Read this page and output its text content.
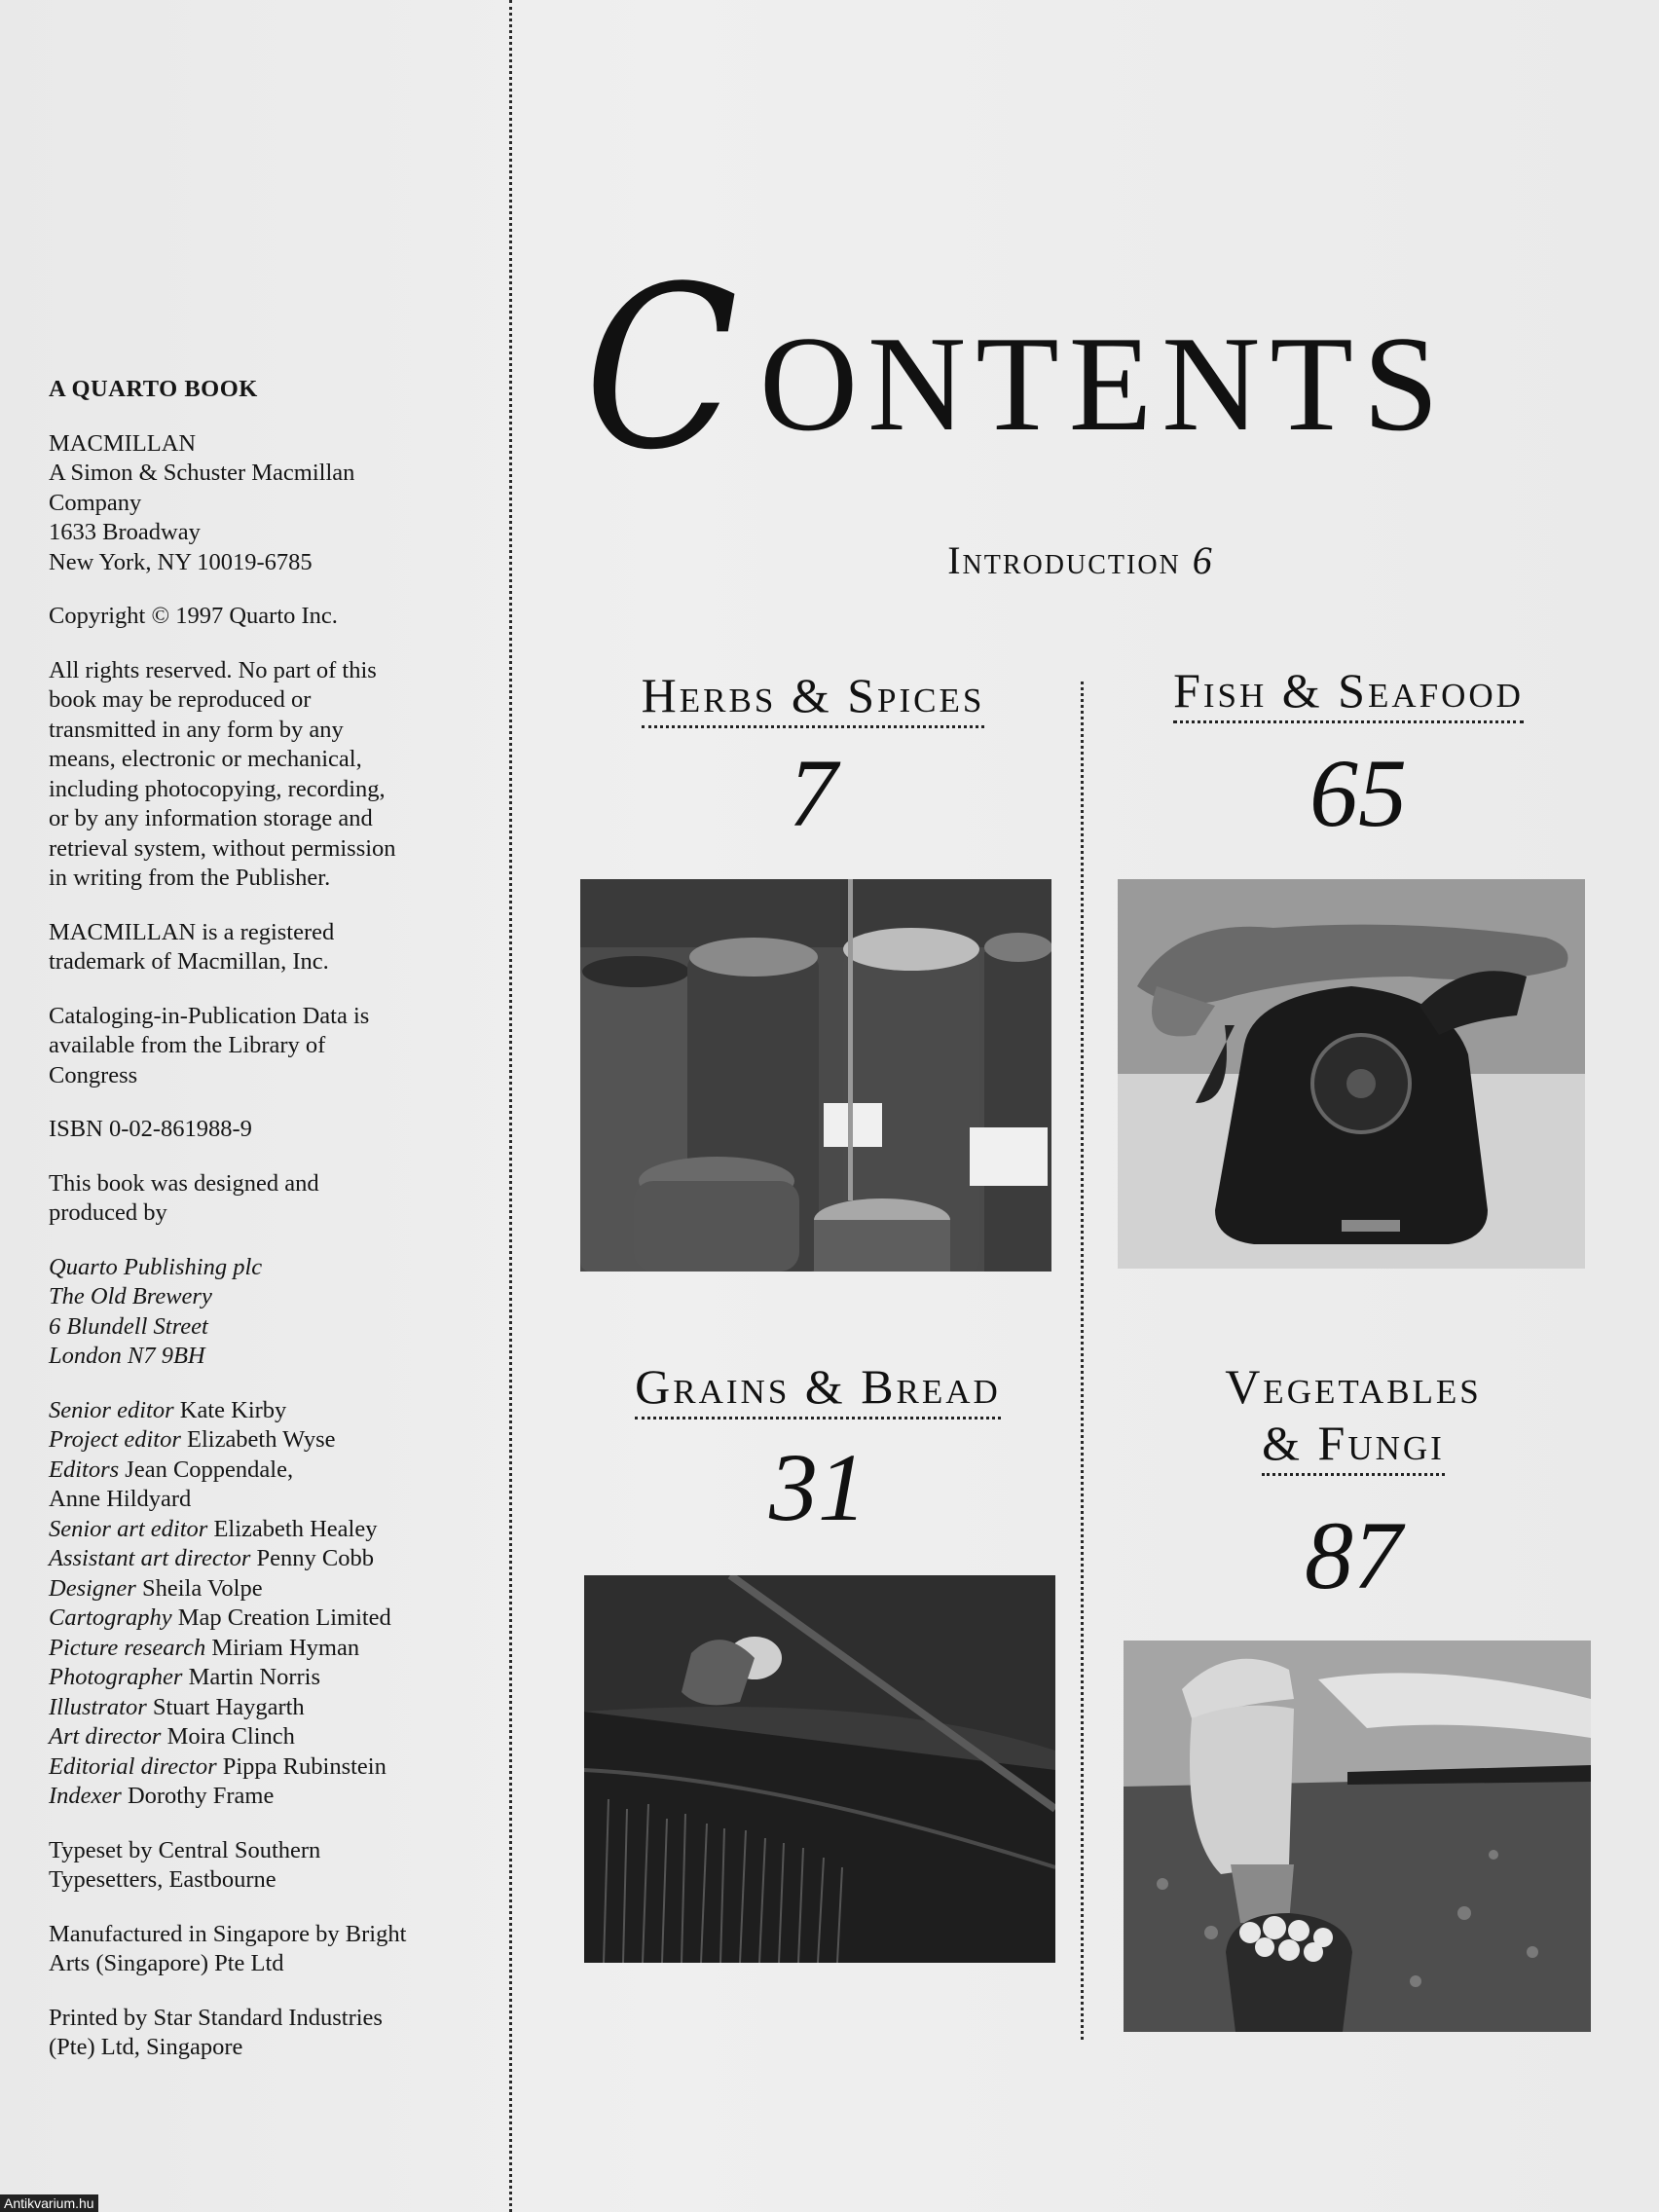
A QUARTO BOOK

MACMILLAN
A Simon & Schuster Macmillan
Company
1633 Broadway
New York, NY 10019-6785

Copyright © 1997 Quarto Inc.

All rights reserved. No part of this
book may be reproduced or
transmitted in any form by any
means, electronic or mechanical,
including photocopying, recording,
or by any information storage and
retrieval system, without permission
in writing from the Publisher.

MACMILLAN is a registered
trademark of Macmillan, Inc.

Cataloging-in-Publication Data is
available from the Library of
Congress

ISBN 0-02-861988-9

This book was designed and
produced by

Quarto Publishing plc
The Old Brewery
6 Blundell Street
London N7 9BH

Senior editor Kate Kirby
Project editor Elizabeth Wyse
Editors Jean Coppendale,
Anne Hildyard
Senior art editor Elizabeth Healey
Assistant art director Penny Cobb
Designer Sheila Volpe
Cartography Map Creation Limited
Picture research Miriam Hyman
Photographer Martin Norris
Illustrator Stuart Haygarth
Art director Moira Clinch
Editorial director Pippa Rubinstein
Indexer Dorothy Frame

Typeset by Central Southern
Typesetters, Eastbourne

Manufactured in Singapore by Bright
Arts (Singapore) Pte Ltd

Printed by Star Standard Industries
(Pte) Ltd, Singapore

C ONTENTS
Introduction 6
Herbs & Spices
7
Fish & Seafood
65
Grains & Bread
31
Vegetables
& Fungi
87
Antikvarium.hu
